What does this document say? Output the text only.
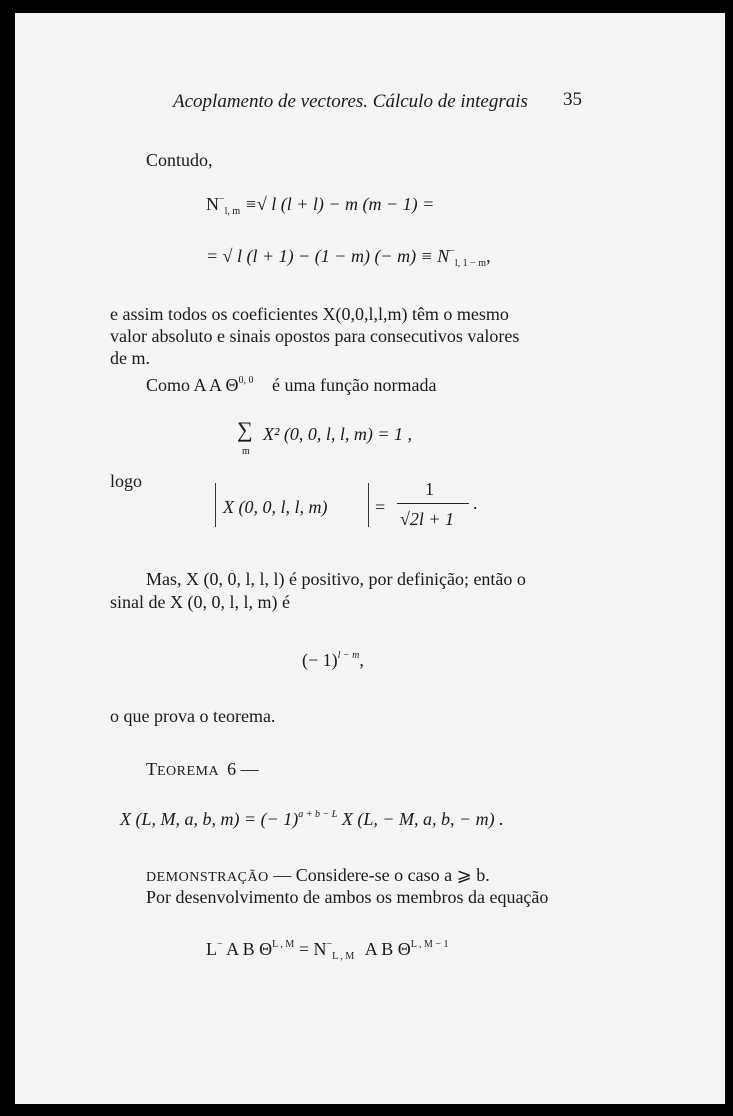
Acoplamento de vectores. Cálculo de integrais 35
Contudo,
$N^-_{l, m}$ ≡√ l (l + l) − m (m − 1) =
= √ l (l + 1) − (1 − m) (− $m) \equiv N^-_{l, 1 - m}$,
e assim todos os coeficientes X(0,0,l,l,m) têm o mesmo
valor absoluto e sinais opostos para consecutivos valores
de m.
Como A A Θ$^{0, 0}$ é uma função normada
∑
m
X² (0, 0, l, l, m) = 1 ,
logo
X (0, 0, l, l, m)	=
1
√2l + 1
.
Mas, X (0, 0, l, l, l) é positivo, por definição; então o
sinal de X (0, 0, l, l, m) é
(− 1)$^{l - m}$,
o que prova o teorema.
TEOREMA 6 —
X (L, M, a, b, m) = (− 1)$^{a + b - L}$ X (L, − M, a, b, − m) .
DEMONSTRAÇÃO — Considere-se o caso a ⩾ b.
Por desenvolvimento de ambos os membros da equação
L− A B $\Theta^{L , M} = N^-_{L , M}$ A B $\Theta^{L , M - 1}$
